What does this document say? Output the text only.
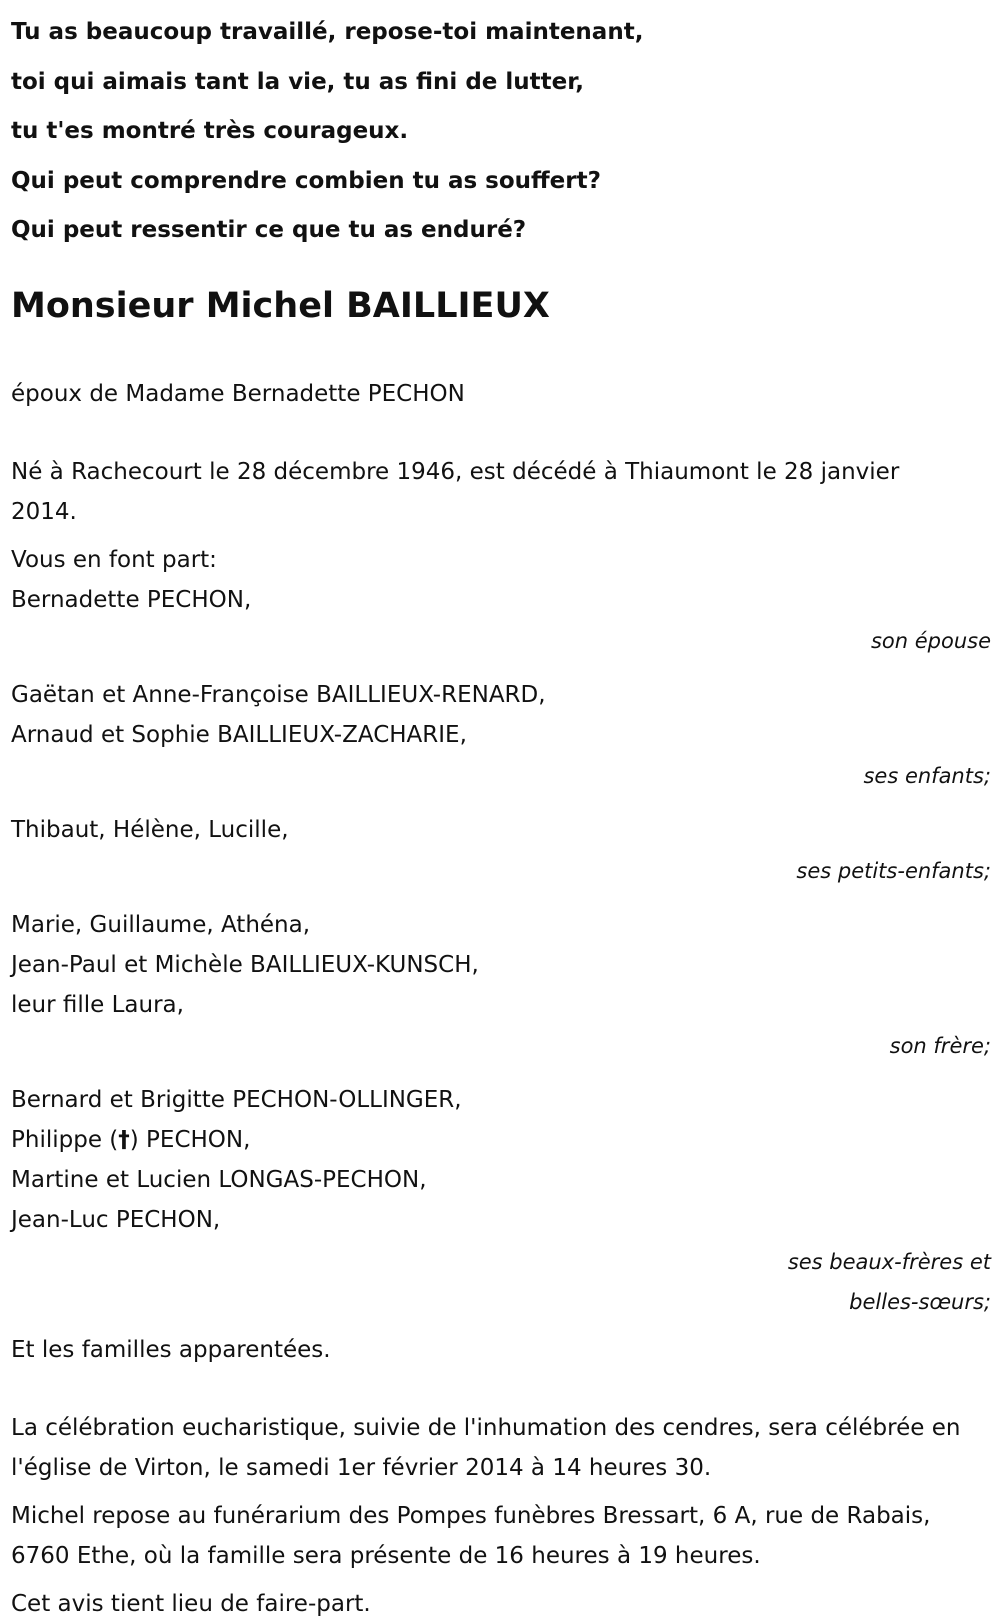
Tu as beaucoup travaillé, repose-toi maintenant,
toi qui aimais tant la vie, tu as fini de lutter,
tu t'es montré très courageux.
Qui peut comprendre combien tu as souffert?
Qui peut ressentir ce que tu as enduré?
Monsieur Michel BAILLIEUX
époux de Madame Bernadette PECHON
Né à Rachecourt le 28 décembre 1946, est décédé à Thiaumont le 28 janvier 2014.
Vous en font part:
Bernadette PECHON,
son épouse
Gaëtan et Anne-Françoise BAILLIEUX-RENARD,
Arnaud et Sophie BAILLIEUX-ZACHARIE,
ses enfants;
Thibaut, Hélène, Lucille,
ses petits-enfants;
Marie, Guillaume, Athéna,
Jean-Paul et Michèle BAILLIEUX-KUNSCH,
leur fille Laura,
son frère;
Bernard et Brigitte PECHON-OLLINGER,
Philippe (†) PECHON,
Martine et Lucien LONGAS-PECHON,
Jean-Luc PECHON,
ses beaux-frères et
belles-sœurs;
Et les familles apparentées.
La célébration eucharistique, suivie de l'inhumation des cendres, sera célébrée en l'église de Virton, le samedi 1er février 2014 à 14 heures 30.
Michel repose au funérarium des Pompes funèbres Bressart, 6 A, rue de Rabais, 6760 Ethe, où la famille sera présente de 16 heures à 19 heures.
Cet avis tient lieu de faire-part.
